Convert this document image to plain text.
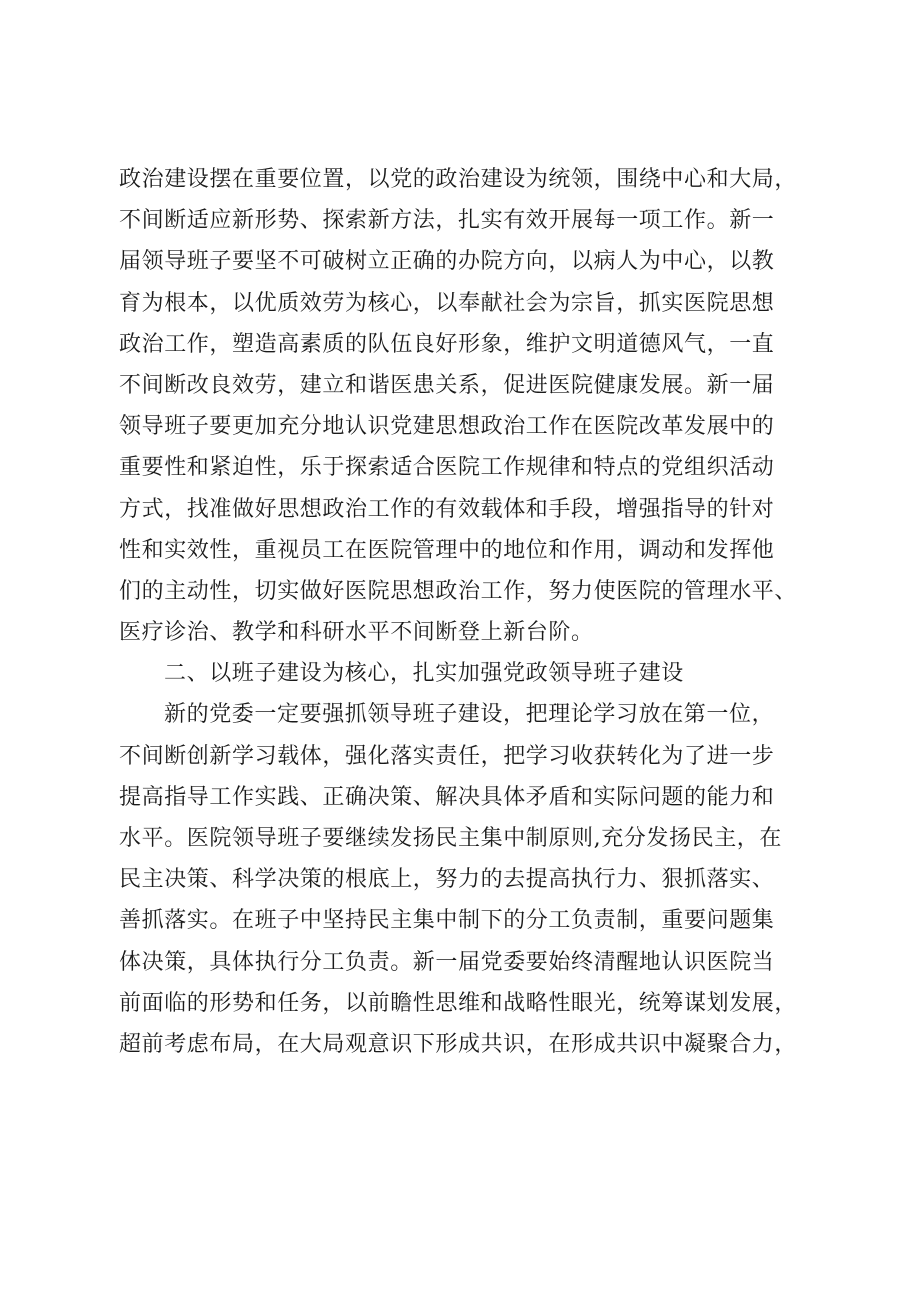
政治建设摆在重要位置，以党的政治建设为统领，围绕中心和大局，
不间断适应新形势、探索新方法，扎实有效开展每一项工作。新一
届领导班子要坚不可破树立正确的办院方向，以病人为中心，以教
育为根本，以优质效劳为核心，以奉献社会为宗旨，抓实医院思想
政治工作，塑造高素质的队伍良好形象，维护文明道德风气，一直
不间断改良效劳，建立和谐医患关系，促进医院健康发展。新一届
领导班子要更加充分地认识党建思想政治工作在医院改革发展中的
重要性和紧迫性，乐于探索适合医院工作规律和特点的党组织活动
方式，找准做好思想政治工作的有效载体和手段，增强指导的针对
性和实效性，重视员工在医院管理中的地位和作用，调动和发挥他
们的主动性，切实做好医院思想政治工作，努力使医院的管理水平、
医疗诊治、教学和科研水平不间断登上新台阶。
二、以班子建设为核心，扎实加强党政领导班子建设
新的党委一定要强抓领导班子建设，把理论学习放在第一位，
不间断创新学习载体，强化落实责任，把学习收获转化为了进一步
提高指导工作实践、正确决策、解决具体矛盾和实际问题的能力和
水平。医院领导班子要继续发扬民主集中制原则,充分发扬民主，在
民主决策、科学决策的根底上，努力的去提高执行力、狠抓落实、
善抓落实。在班子中坚持民主集中制下的分工负责制，重要问题集
体决策，具体执行分工负责。新一届党委要始终清醒地认识医院当
前面临的形势和任务，以前瞻性思维和战略性眼光，统筹谋划发展，
超前考虑布局，在大局观意识下形成共识，在形成共识中凝聚合力，
